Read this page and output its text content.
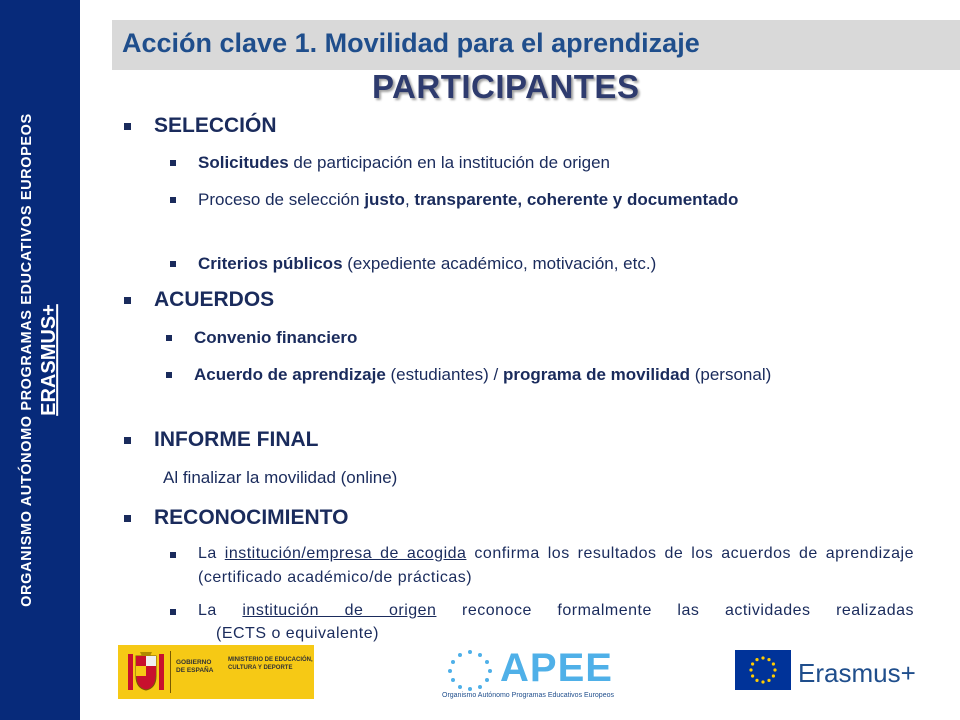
ORGANISMO AUTÓNOMO PROGRAMAS EDUCATIVOS EUROPEOS ERASMUS+
Acción clave 1. Movilidad para el aprendizaje
PARTICIPANTES
SELECCIÓN
Solicitudes de participación en la institución de origen
Proceso de selección justo, transparente, coherente y documentado
Criterios públicos (expediente académico, motivación, etc.)
ACUERDOS
Convenio financiero
Acuerdo de aprendizaje (estudiantes) / programa de movilidad (personal)
INFORME FINAL
Al finalizar la movilidad (online)
RECONOCIMIENTO
La institución/empresa de acogida confirma los resultados de los acuerdos de aprendizaje (certificado académico/de prácticas)
La institución de origen reconoce formalmente las actividades realizadas
(ECTS o equivalente)
GOBIERNO DE ESPAÑA
MINISTERIO DE EDUCACIÓN, CULTURA Y DEPORTE	APEE
Organismo Autónomo Programas Educativos Europeos
Erasmus+
